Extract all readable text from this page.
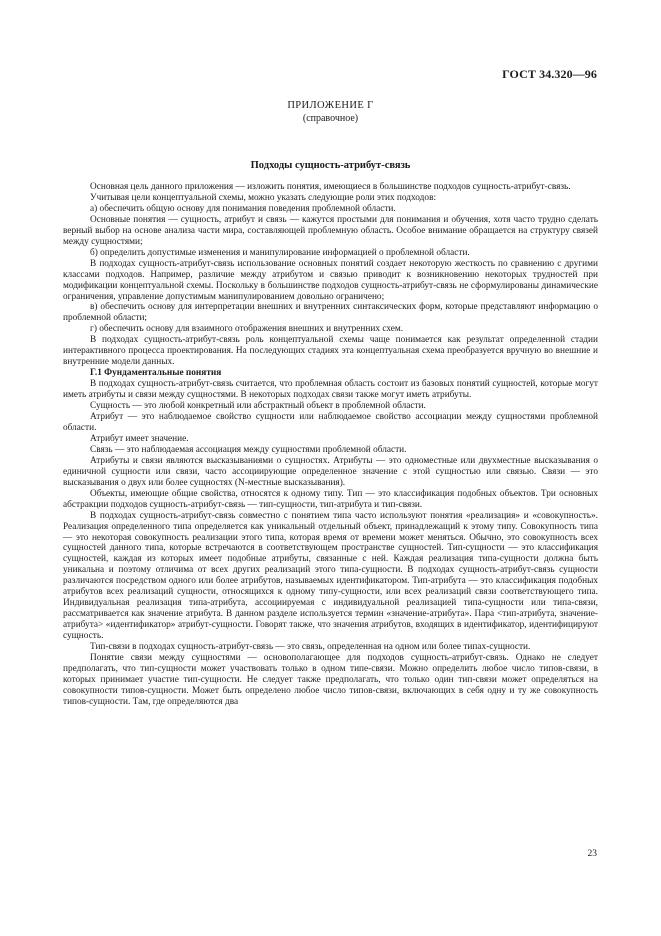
ГОСТ 34.320—96
ПРИЛОЖЕНИЕ Г
(справочное)
Подходы сущность-атрибут-связь

Основная цель данного приложения — изложить понятия, имеющиеся в большинстве подходов сущность-атрибут-связь.

Учитывая цели концептуальной схемы, можно указать следующие роли этих подходов:

а) обеспечить общую основу для понимания поведения проблемной области.

Основные понятия — сущность, атрибут и связь — кажутся простыми для понимания и обучения, хотя часто трудно сделать верный выбор на основе анализа части мира, составляющей проблемную область. Особое внимание обращается на структуру связей между сущностями;

б) определить допустимые изменения и манипулирование информацией о проблемной области.

В подходах сущность-атрибут-связь использование основных понятий создает некоторую жесткость по сравнению с другими классами подходов. Например, различие между атрибутом и связью приводит к возникновению некоторых трудностей при модификации концептуальной схемы. Поскольку в большинстве подходов сущность-атрибут-связь не сформулированы динамические ограничения, управление допустимым манипулированием довольно ограничено;

в) обеспечить основу для интерпретации внешних и внутренних синтаксических форм, которые представляют информацию о проблемной области;

г) обеспечить основу для взаимного отображения внешних и внутренних схем.

В подходах сущность-атрибут-связь роль концептуальной схемы чаще понимается как результат определенной стадии интерактивного процесса проектирования. На последующих стадиях эта концептуальная схема преобразуется вручную во внешние и внутренние модели данных.

Г.1 Фундаментальные понятия

В подходах сущность-атрибут-связь считается, что проблемная область состоит из базовых понятий сущностей, которые могут иметь атрибуты и связи между сущностями. В некоторых подходах связи также могут иметь атрибуты.

Сущность — это любой конкретный или абстрактный объект в проблемной области.

Атрибут — это наблюдаемое свойство сущности или наблюдаемое свойство ассоциации между сущностями проблемной области.

Атрибут имеет значение.

Связь — это наблюдаемая ассоциация между сущностями проблемной области.

Атрибуты и связи являются высказываниями о сущностях. Атрибуты — это одноместные или двухместные высказывания о единичной сущности или связи, часто ассоциирующие определенное значение с этой сущностью или связью. Связи — это высказывания о двух или более сущностях (N-местные высказывания).

Объекты, имеющие общие свойства, относятся к одному типу. Тип — это классификация подобных объектов. Три основных абстракции подходов сущность-атрибут-связь — тип-сущности, тип-атрибута и тип-связи.

В подходах сущность-атрибут-связь совместно с понятием типа часто используют понятия «реализация» и «совокупность». Реализация определенного типа определяется как уникальный отдельный объект, принадлежащий к этому типу. Совокупность типа — это некоторая совокупность реализации этого типа, которая время от времени может меняться. Обычно, это совокупность всех сущностей данного типа, которые встречаются в соответствующем пространстве сущностей. Тип-сущности — это классификация сущностей, каждая из которых имеет подобные атрибуты, связанные с ней. Каждая реализация типа-сущности должна быть уникальна и поэтому отличима от всех других реализаций этого типа-сущности. В подходах сущность-атрибут-связь сущности различаются посредством одного или более атрибутов, называемых идентификатором. Тип-атрибута — это классификация подобных атрибутов всех реализаций сущности, относящихся к одному типу-сущности, или всех реализаций связи соответствующего типа. Индивидуальная реализация типа-атрибута, ассоциируемая с индивидуальной реализацией типа-сущности или типа-связи, рассматривается как значение атрибута. В данном разделе используется термин «значение-атрибута». Пара <тип-атрибута, значение-атрибута> «идентификатор» атрибут-сущности. Говорят также, что значения атрибутов, входящих в идентификатор, идентифицируют сущность.

Тип-связи в подходах сущность-атрибут-связь — это связь, определенная на одном или более типах-сущности.

Понятие связи между сущностями — основополагающее для подходов сущность-атрибут-связь. Однако не следует предполагать, что тип-сущности может участвовать только в одном типе-связи. Можно определить любое число типов-связи, в которых принимает участие тип-сущности. Не следует также предполагать, что только один тип-связи может определяться на совокупности типов-сущности. Может быть определено любое число типов-связи, включающих в себя одну и ту же совокупность типов-сущности. Там, где определяются два

23
